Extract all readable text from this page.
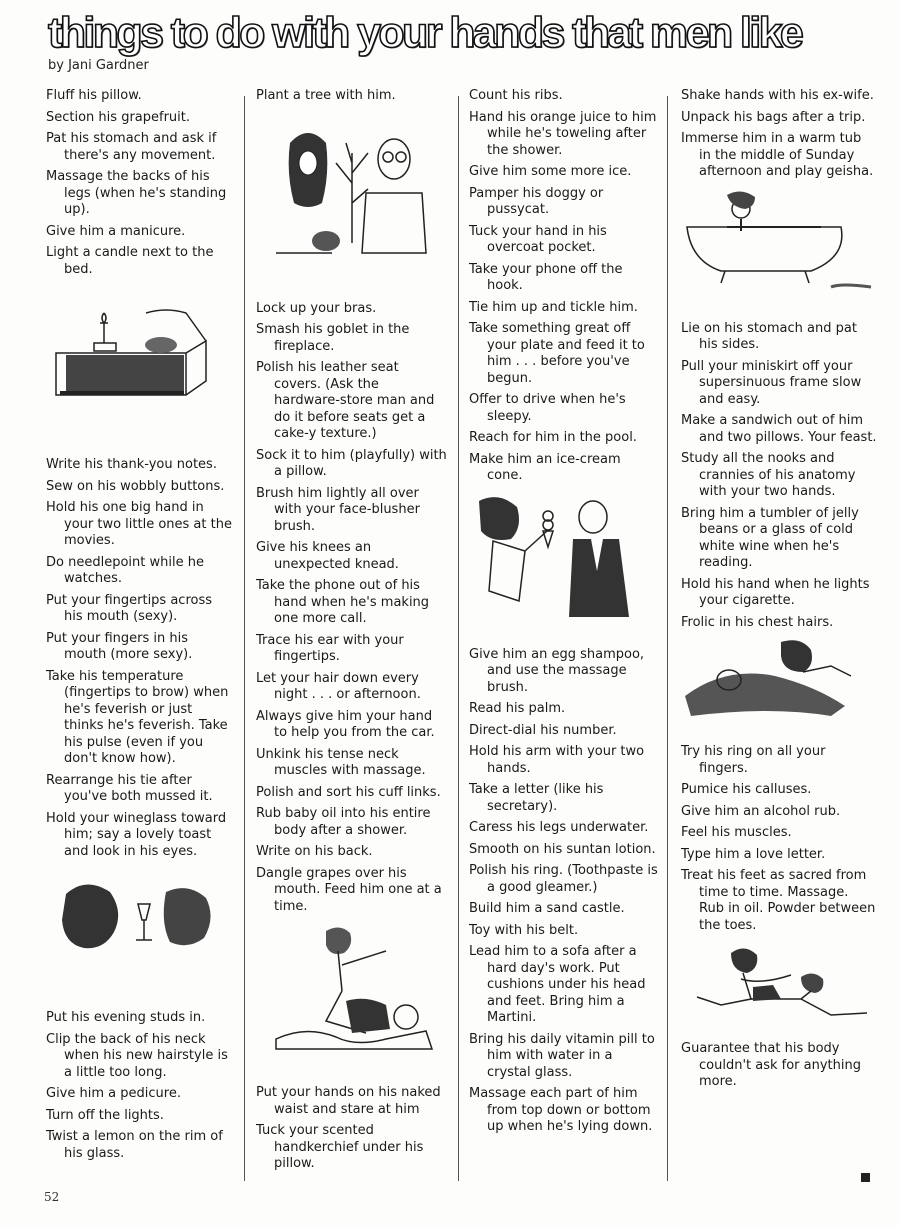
things to do with your hands that men like
by Jani Gardner
Fluff his pillow.
Section his grapefruit.
Pat his stomach and ask if there's any movement.
Massage the backs of his legs (when he's standing up).
Give him a manicure.
Light a candle next to the bed.
Write his thank-you notes.
Sew on his wobbly buttons.
Hold his one big hand in your two little ones at the movies.
Do needlepoint while he watches.
Put your fingertips across his mouth (sexy).
Put your fingers in his mouth (more sexy).
Take his temperature (fingertips to brow) when he's feverish or just thinks he's feverish. Take his pulse (even if you don't know how).
Rearrange his tie after you've both mussed it.
Hold your wineglass toward him; say a lovely toast and look in his eyes.
Put his evening studs in.
Clip the back of his neck when his new hairstyle is a little too long.
Give him a pedicure.
Turn off the lights.
Twist a lemon on the rim of his glass.
Plant a tree with him.
Lock up your bras.
Smash his goblet in the fireplace.
Polish his leather seat covers. (Ask the hardware-store man and do it before seats get a cake-y texture.)
Sock it to him (playfully) with a pillow.
Brush him lightly all over with your face-blusher brush.
Give his knees an unexpected knead.
Take the phone out of his hand when he's making one more call.
Trace his ear with your fingertips.
Let your hair down every night . . . or afternoon.
Always give him your hand to help you from the car.
Unkink his tense neck muscles with massage.
Polish and sort his cuff links.
Rub baby oil into his entire body after a shower.
Write on his back.
Dangle grapes over his mouth. Feed him one at a time.
Put your hands on his naked waist and stare at him
Tuck your scented handkerchief under his pillow.
Count his ribs.
Hand his orange juice to him while he's toweling after the shower.
Give him some more ice.
Pamper his doggy or pussycat.
Tuck your hand in his overcoat pocket.
Take your phone off the hook.
Tie him up and tickle him.
Take something great off your plate and feed it to him . . . before you've begun.
Offer to drive when he's sleepy.
Reach for him in the pool.
Make him an ice-cream cone.
Give him an egg shampoo, and use the massage brush.
Read his palm.
Direct-dial his number.
Hold his arm with your two hands.
Take a letter (like his secretary).
Caress his legs underwater.
Smooth on his suntan lotion.
Polish his ring. (Toothpaste is a good gleamer.)
Build him a sand castle.
Toy with his belt.
Lead him to a sofa after a hard day's work. Put cushions under his head and feet. Bring him a Martini.
Bring his daily vitamin pill to him with water in a crystal glass.
Massage each part of him from top down or bottom up when he's lying down.
Shake hands with his ex-wife.
Unpack his bags after a trip.
Immerse him in a warm tub in the middle of Sunday afternoon and play geisha.
Lie on his stomach and pat his sides.
Pull your miniskirt off your supersinuous frame slow and easy.
Make a sandwich out of him and two pillows. Your feast.
Study all the nooks and crannies of his anatomy with your two hands.
Bring him a tumbler of jelly beans or a glass of cold white wine when he's reading.
Hold his hand when he lights your cigarette.
Frolic in his chest hairs.
Try his ring on all your fingers.
Pumice his calluses.
Give him an alcohol rub.
Feel his muscles.
Type him a love letter.
Treat his feet as sacred from time to time. Massage. Rub in oil. Powder between the toes.
Guarantee that his body couldn't ask for anything more.
52
